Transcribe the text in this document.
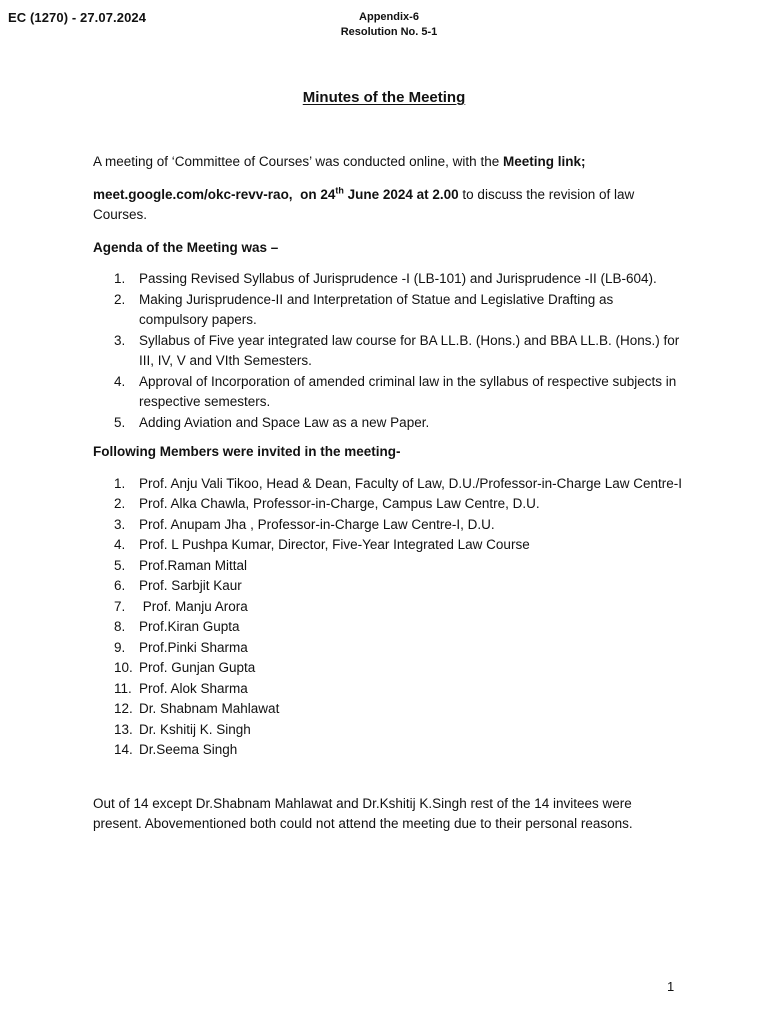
EC (1270) - 27.07.2024	Appendix-6
Resolution No. 5-1
Minutes of the Meeting

A meeting of ‘Committee of Courses’ was conducted online, with the Meeting link;

meet.google.com/okc-revv-rao, on 24th June 2024 at 2.00 to discuss the revision of law Courses.

Agenda of the Meeting was –

1. Passing Revised Syllabus of Jurisprudence -I (LB-101) and Jurisprudence -II (LB-604).
2. Making Jurisprudence-II and Interpretation of Statue and Legislative Drafting as compulsory papers.
3. Syllabus of Five year integrated law course for BA LL.B. (Hons.) and BBA LL.B. (Hons.) for III, IV, V and VIth Semesters.
4. Approval of Incorporation of amended criminal law in the syllabus of respective subjects in respective semesters.
5. Adding Aviation and Space Law as a new Paper.

Following Members were invited in the meeting-

1. Prof. Anju Vali Tikoo, Head & Dean, Faculty of Law, D.U./Professor-in-Charge Law Centre-I
2. Prof. Alka Chawla, Professor-in-Charge, Campus Law Centre, D.U.
3. Prof. Anupam Jha , Professor-in-Charge Law Centre-I, D.U.
4. Prof. L Pushpa Kumar, Director, Five-Year Integrated Law Course
5. Prof.Raman Mittal
6. Prof. Sarbjit Kaur
7. Prof. Manju Arora
8. Prof.Kiran Gupta
9. Prof.Pinki Sharma
10. Prof. Gunjan Gupta
11. Prof. Alok Sharma
12. Dr. Shabnam Mahlawat
13. Dr. Kshitij K. Singh
14. Dr.Seema Singh

Out of 14 except Dr.Shabnam Mahlawat and Dr.Kshitij K.Singh rest of the 14 invitees were present. Abovementioned both could not attend the meeting due to their personal reasons.

1
